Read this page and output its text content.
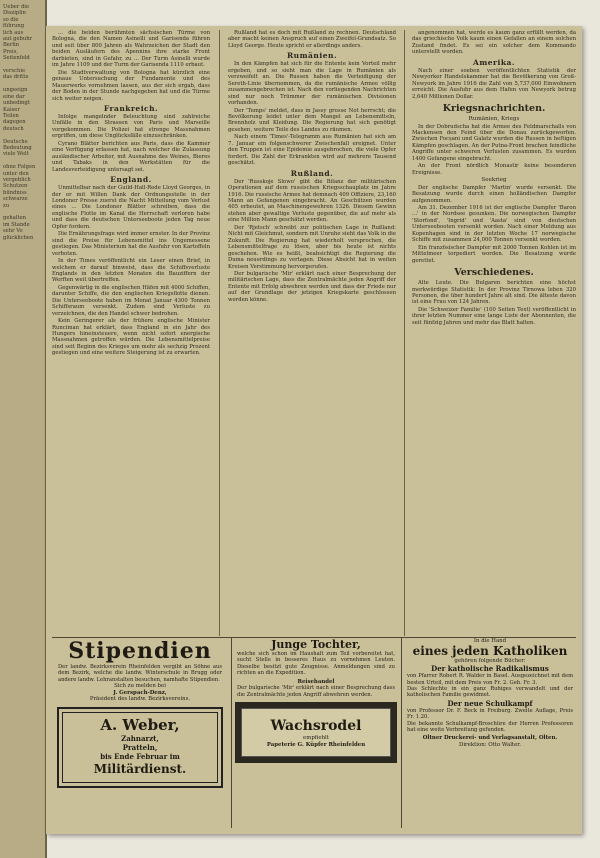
Ueber die
Disziplin
so die
führung
lich aus
aut gebuhr
Berlin
Preis,
Seitenfeld

verschie
das dritte

ungeeign
eine dar
unbedingt
Kaiser
Teilen
dagegen
deutsch

Deutsche
Bedeutung
viele Welt

ohne Folgen
unter den
vergeblich
Schutzen
bündniss
schwarze
zu

gehalten
im Stande
sehr Vo
glücklichen

... die beiden berühmten sächsischen Türme von Bologna, die den Namen Asinelli und Garisenda führen und seit über 800 Jahren als Wahrzeichen der Stadt den beiden Ausläufern des Apennins ihre starke Front darbieten, sind in Gefahr, zu ... Der Turm Asinelli wurde im Jahre 1109 und der Turm der Garisenda 1110 erbaut.

Die Stadtverwaltung von Bologna hat kürzlich eine genaue Untersuchung der Fundamente und des Mauerwerks vornehmen lassen, aus der sich ergab, dass der Boden in der Stunde nachgegeben hat und die Türme sich weiter neigen.

Frankreich.

Infolge mangelnder Beleuchtung sind zahlreiche Unfälle in den Strassen von Paris und Marseille vorgekommen. Die Polizei hat strenge Massnahmen ergriffen, um diese Unglücksfälle einzuschränken.

Cyrano Blätter berichten aus Paris, dass die Kammer eine Verfügung erlassen hat, nach welcher die Zulassung ausländischer Arbeiter, mit Ausnahme des Weines, Bieres und Tabaks in den Werkstätten für die Landesverteidigung untersagt sei.

England.

Unmittelbar nach der Guild-Hall-Rede Lloyd Georges, in der er mit Willen Dank der Ordnungsstelle in der Londoner Presse zuerst die Nacht Mitteilung vom Verlust eines ... Die Londoner Blätter schreiben, dass die englische Flotte im Kanal die Herrschaft verloren habe und dass die deutschen Unterseeboote jeden Tag neue Opfer fordern.

Die Ernährungsfrage wird immer ernster. In der Provinz sind die Preise für Lebensmittel ins Ungemessene gestiegen. Das Ministerium hat die Ausfuhr von Kartoffeln verboten.

In der Times veröffentlicht ein Leser einen Brief, in welchem er darauf hinweist, dass die Schiffsverluste Englands in den letzten Monaten die Bauziffern der Werften weit übertreffen.

Gegenwärtig in die englischen Häfen mit 4000 Schiffen, darunter Schiffe, die den englischen Kriegsflotte dienen. Die Unterseeboote haben im Monat Januar 4300 Tonnen Schiffsraum versenkt. Zudem sind Verluste zu verzeichnen, die den Handel schwer bedrohen.

Kein Geringerer als der frühere englische Minister Runciman hat erklärt, dass England in ein Jahr des Hungers hineinsteuere, wenn nicht sofort energische Massnahmen getroffen würden. Die Lebensmittelpreise sind seit Beginn des Krieges um mehr als sechzig Prozent gestiegen und eine weitere Steigerung ist zu erwarten.

Rußland hat es doch mit Rußland zu rechnen. Deutschland aber macht keinen Anspruch auf einen Zweifel-Grundsatz. So Lloyd George. Heute spricht er allerdings anders.

Rumänien.

In den Kämpfen hat sich für die Entente kein Vorteil mehr ergeben, und so sieht man die Lage in Rumänien als verzweifelt an. Die Russen haben die Verteidigung der Sereth-Linie übernommen, da die rumänische Armee völlig zusammengebrochen ist. Nach den vorliegenden Nachrichten sind nur noch Trümmer der rumänischen Divisionen vorhanden.

Der 'Temps' meldet, dass in Jassy grosse Not herrscht; die Bevölkerung leidet unter dem Mangel an Lebensmitteln, Brennholz und Kleidung. Die Regierung hat sich genötigt gesehen, weitere Teile des Landes zu räumen.

Nach einem 'Times'-Telegramm aus Rumänien hat sich am 7. Januar ein folgenschwerer Zwischenfall ereignet. Unter den Truppen ist eine Epidemie ausgebrochen, die viele Opfer fordert. Die Zahl der Erkrankten wird auf mehrere Tausend geschätzt.

Rußland.

Der 'Russkoje Slowo' gibt die Bilanz der militärischen Operationen auf dem russischen Kriegsschauplatz im Jahre 1916. Die russische Armee hat demnach 409 Offiziere, 23,160 Mann an Gefangenen eingebracht. An Geschützen wurden 405 erbeutet, an Maschinengewehren 1326. Diesem Gewinn stehen aber gewaltige Verluste gegenüber, die auf mehr als eine Million Mann geschätzt werden.

Der 'Rjetsch' schreibt zur politischen Lage in Rußland: Nicht mit Gleichmut, sondern mit Unruhe sieht das Volk in die Zukunft. Die Regierung hat wiederholt versprochen, die Lebensmittelfrage zu lösen, aber bis heute ist nichts geschehen. Wie es heißt, beabsichtigt die Regierung die Duma neuerdings zu vertagen. Diese Absicht hat in weiten Kreisen Verstimmung hervorgerufen.

Der bulgarische 'Mir' erklärt nach einer Besprechung der militärischen Lage, dass die Zentralmächte jeden Angriff der Entente mit Erfolg abwehren werden und dass der Friede nur auf der Grundlage der jetzigen Kriegskarte geschlossen werden könne.

angenommen hat, werde es kaum ganz erfüllt werden, da das griechische Volk kaum einen Gefallen an einem solchen Zustand findet. Es sei ein solcher dem Kommando unterstellt worden.

Amerika.

Nach einer soeben veröffentlichten Statistik der Newyorker Handelskammer hat die Bevölkerung von Groß-Newyork im Jahre 1916 die Zahl von 5,737,000 Einwohnern erreicht. Die Ausfuhr aus dem Hafen von Newyork betrug 2,640 Millionen Dollar.

Kriegsnachrichten.
Rumänien, Kriegs

In der Dobrudscha hat die Armee des Feldmarschalls von Mackensen den Feind über die Donau zurückgeworfen. Zwischen Focșani und Galatz wurden die Russen in heftigen Kämpfen geschlagen. An der Putna-Front brachen feindliche Angriffe unter schweren Verlusten zusammen. Es wurden 1400 Gefangene eingebracht.

An der Front nördlich Monastir keine besonderen Ereignisse.

Seekrieg

Der englische Dampfer 'Martin' wurde versenkt. Die Besatzung wurde durch einen holländischen Dampfer aufgenommen.

Am 31. Dezember 1916 ist der englische Dampfer 'Baron ...' in der Nordsee gesunken. Die norwegischen Dampfer 'Storfond', 'Ingrid' und 'Aasta' sind von deutschen Unterseebooten versenkt worden. Nach einer Meldung aus Kopenhagen sind in der letzten Woche 17 norwegische Schiffe mit zusammen 24,000 Tonnen versenkt worden.

Ein französischer Dampfer mit 2000 Tonnen Kohlen ist im Mittelmeer torpediert worden. Die Besatzung wurde gerettet.

Verschiedenes.

Alte Leute. Die Bulgaren berichten eine höchst merkwürdige Statistik: In der Provinz Tirnowa leben 320 Personen, die über hundert Jahre alt sind. Die älteste davon ist eine Frau von 124 Jahren.

Die 'Schweizer Familie' (100 Seiten Text) veröffentlicht in ihrer letzten Nummer eine lange Liste der Abonnenten, die seit fünfzig Jahren und mehr das Blatt halten.

Stipendien
Der landw. Bezirksverein Rheinfelden vergibt an Söhne aus dem Bezirk, welche die landw. Winterschule in Brugg oder andere landw. Lehranstalten besuchen, namhafte Stipendien.
Sich zu melden bei
J. Gerspach-Denz,
Präsident des landw. Bezirksvereins.
A. Weber,
Zahnarzt,
Pratteln,
bis Ende Februar im
Militärdienst.
Junge Tochter,
welche sich schon im Haushalt zum Teil vorbereitet hat, sucht Stelle in besseres Haus zu vornehmen Leuten. Dieselbe besitzt gute Zeugnisse. Anmeldungen sind zu richten an die Expedition.
Reisehandel
Der bulgarische 'Mir' erklärt nach einer Besprechung dass die Zentralmächte jeden Angriff abwehren werden.
Wachsrodel
empfiehlt
Papeterie G. Küpfer Rheinfelden
In die Hand
eines jeden Katholiken
gehören folgende Bücher:
Der katholische Radikalismus
von Pfarrer Robert R. Walder in Basel. Ausgezeichnet mit dem besten Urteil, mit dem Preis von Fr. 2. Geb. Fr. 3.
Das Schlechte in ein ganz Ruhiges verwandelt und der katholischen Familie gewidmet.
Der neue Schulkampf
von Professor Dr. F. Beck in Freiburg. Zweite Auflage, Preis Fr. 1.20.
Die bekannte Schulkampf-Broschüre der Herren Professoren hat eine weite Verbreitung gefunden.
Oltner Druckerei- und Verlagsanstalt, Olten.
Direktion: Otto Walter.
